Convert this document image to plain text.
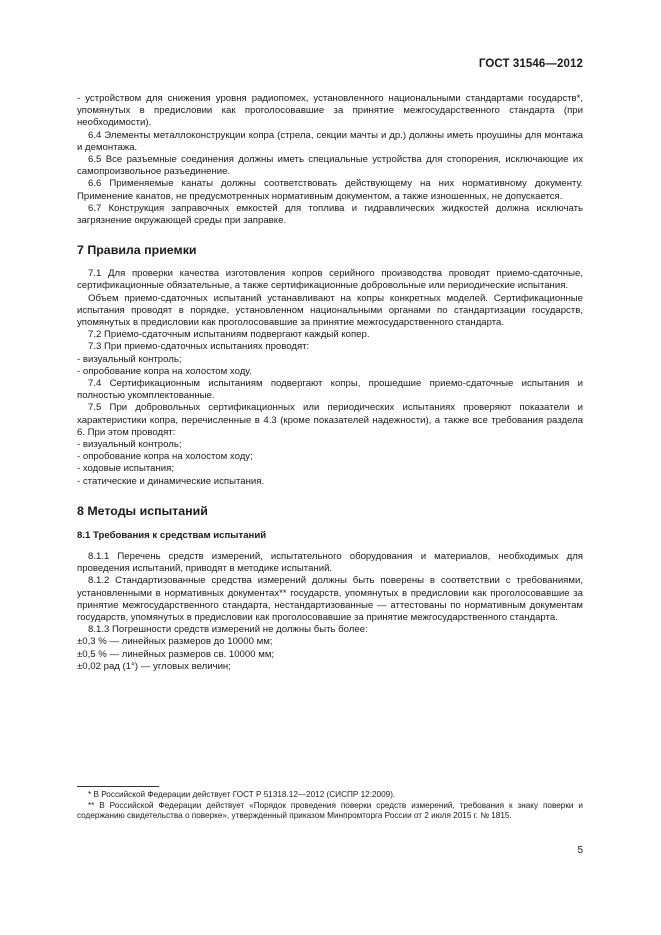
ГОСТ 31546—2012

- устройством для снижения уровня радиопомех, установленного национальными стандартами государств*, упомянутых в предисловии как проголосовавшие за принятие межгосударственного стандарта (при необходимости).

6.4 Элементы металлоконструкции копра (стрела, секции мачты и др.) должны иметь проушины для монтажа и демонтажа.

6.5 Все разъемные соединения должны иметь специальные устройства для стопорения, исключающие их самопроизвольное разъединение.

6.6 Применяемые канаты должны соответствовать действующему на них нормативному документу. Применение канатов, не предусмотренных нормативным документом, а также изношенных, не допускается.

6.7 Конструкция заправочных емкостей для топлива и гидравлических жидкостей должна исключать загрязнение окружающей среды при заправке.

7 Правила приемки

7.1 Для проверки качества изготовления копров серийного производства проводят приемо-сдаточные, сертификационные обязательные, а также сертификационные добровольные или периодические испытания.

Объем приемо-сдаточных испытаний устанавливают на копры конкретных моделей. Сертификационные испытания проводят в порядке, установленном национальными органами по стандартизации государств, упомянутых в предисловии как проголосовавшие за принятие межгосударственного стандарта.

7.2 Приемо-сдаточным испытаниям подвергают каждый копер.

7.3 При приемо-сдаточных испытаниях проводят:

- визуальный контроль;

- опробование копра на холостом ходу.

7.4 Сертификационным испытаниям подвергают копры, прошедшие приемо-сдаточные испытания и полностью укомплектованные.

7.5 При добровольных сертификационных или периодических испытаниях проверяют показатели и характеристики копра, перечисленные в 4.3 (кроме показателей надежности), а также все требования раздела 6. При этом проводят:

- визуальный контроль;

- опробование копра на холостом ходу;

- ходовые испытания;

- статические и динамические испытания.

8 Методы испытаний
8.1 Требования к средствам испытаний

8.1.1 Перечень средств измерений, испытательного оборудования и материалов, необходимых для проведения испытаний, приводят в методике испытаний.

8.1.2 Стандартизованные средства измерений должны быть поверены в соответствии с требованиями, установленными в нормативных документах** государств, упомянутых в предисловии как проголосовавшие за принятие межгосударственного стандарта, нестандартизованные — аттестованы по нормативным документам государств, упомянутых в предисловии как проголосовавшие за принятие межгосударственного стандарта.

8.1.3 Погрешности средств измерений не должны быть более:

±0,3 % — линейных размеров до 10000 мм;

±0,5 % — линейных размеров св. 10000 мм;

±0,02 рад (1°) — угловых величин;

* В Российской Федерации действует ГОСТ Р 51318.12—2012 (СИСПР 12:2009).

** В Российской Федерации действует «Порядок проведения поверки средств измерений, требования к знаку поверки и содержанию свидетельства о поверке», утвержденный приказом Минпромторга России от 2 июля 2015 г. № 1815.

5
